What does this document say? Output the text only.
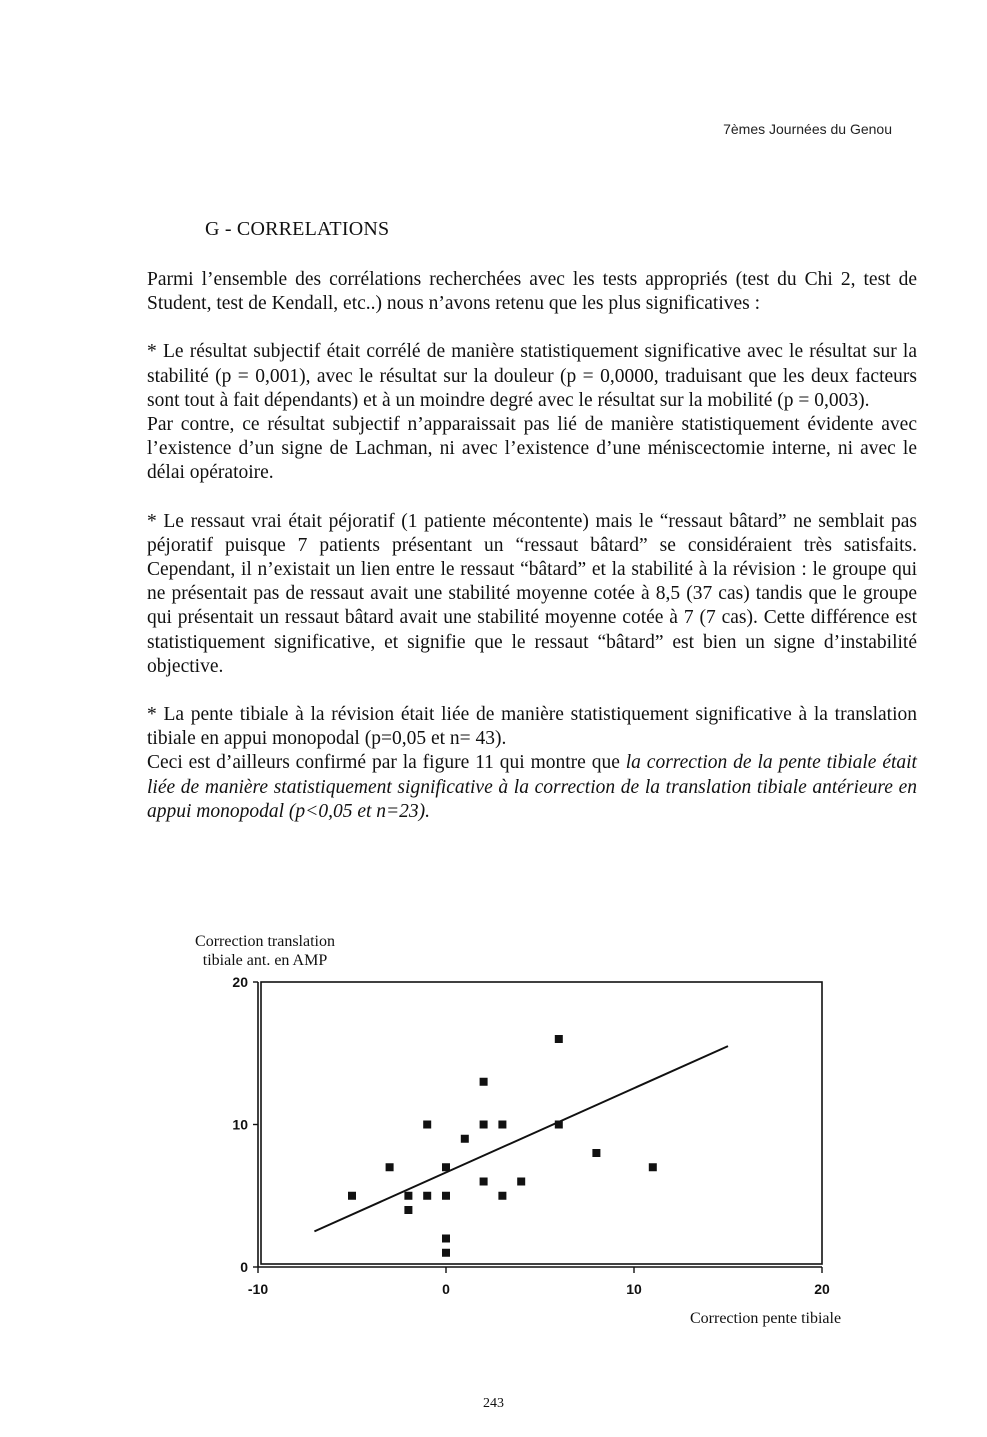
7èmes Journées du Genou
G - CORRELATIONS

Parmi l’ensemble des corrélations recherchées avec les tests appropriés (test du Chi 2, test de Student, test de Kendall, etc..) nous n’avons retenu que les plus significatives :

* Le résultat subjectif était corrélé de manière statistiquement significative avec le résultat sur la stabilité (p = 0,001), avec le résultat sur la douleur (p = 0,0000, traduisant que les deux facteurs sont tout à fait dépendants) et à un moindre degré avec le résultat sur la mobilité (p = 0,003).

Par contre, ce résultat subjectif n’apparaissait pas lié de manière statistiquement évidente avec l’existence d’un signe de Lachman, ni avec l’existence d’une méniscectomie interne, ni avec le délai opératoire.

* Le ressaut vrai était péjoratif (1 patiente mécontente) mais le “ressaut bâtard” ne semblait pas péjoratif puisque 7 patients présentant un “ressaut bâtard” se considéraient très satisfaits. Cependant, il n’existait un lien entre le ressaut “bâtard” et la stabilité à la révision : le groupe qui ne présentait pas de ressaut avait une stabilité moyenne cotée à 8,5 (37 cas) tandis que le groupe qui présentait un ressaut bâtard avait une stabilité moyenne cotée à 7 (7 cas). Cette différence est statistiquement significative, et signifie que le ressaut “bâtard” est bien un signe d’instabilité objective.

* La pente tibiale à la révision était liée de manière statistiquement significative à la translation tibiale en appui monopodal (p=0,05 et n= 43).

Ceci est d’ailleurs confirmé par la figure 11 qui montre que la correction de la pente tibiale était liée de manière statistiquement significative à la correction de la translation tibiale antérieure en appui monopodal (p<0,05 et n=23).

Correction translation
tibiale ant. en AMP
20
10
0
-10	0	10	20
Correction pente tibiale
243
